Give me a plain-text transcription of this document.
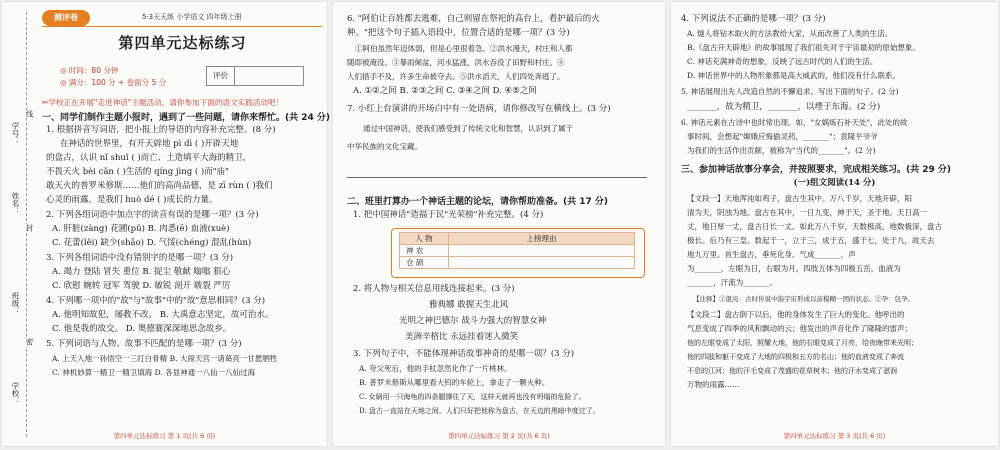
学号：
姓名：
班级：
学校：
线
封
密
测评卷	5·3天天练 小学语文 四年级上册
第四单元达标练习
◎ 时间：80 分钟
◎ 满分：100 分 + 卷面分 5 分
评价
✏学校正在开展"走进神话"主题活动，请你参加下面的语文实践活动吧！
一、同学们制作主题小报时，遇到了一些问题，请你来帮忙。(共 24 分)
1. 根据拼音写词语，把小报上的导语的内容补充完整。(8 分)
在神话的世界里，有开天辟地 pì dì ( )开辟天地
的盘古，认识 nǐ shuǐ ( )而亡、土造填平大海的精卫，
不畏天火 bèi cǎn ( )生活的 qíng jìng ( )而"庙"
敢天火的普罗米修斯……他们的高尚品德，是 zī rùn ( )我们
心灵的雨露，是我们 huò dé ( )成长的力量。
2. 下列各组词语中加点字的读音有误的是哪一项？(3 分)
A. 肝脏(zàng) 花圃(pǔ) B. 肉悉(ē) 血液(xuè)
C. 花蕾(lěi) 缺少(shǎo) D. 气馁(chéng) 混乱(hùn)
3. 下列各组词语中没有错别字的是哪一项？(3 分)
A. 竭力 登陆 冒失 重位 B. 捉尘 敬献 嗡嗡 狠心
C. 欣慰 婉转 冠军 驾驶 D. 敏锐 剖开 皲裂 严厉
4. 下列哪一项中的"故"与"故事"中的"故"意思相同？(3 分)
A. 他明知故犯，屡教不改。 B. 大禹意志坚定，故可治水。
C. 他是我的故交。 D. 奥德赛深深地思念故乡。
5. 下列词语与人物、故事不匹配的是哪一项？(3 分)
A. 上天入地一孙悟空一三打白骨精 B. 大闹天宫一诸葛亮一甘愿牺牲
C. 神机妙算一精卫一精卫填海 D. 各显神通一八仙一八仙过海
第四单元达标练习 第 1 页(共 6 页)
6. "阿伯让百姓都去逃难，自己则留在祭祀的高台上，看护最后的火
种。"把这个句子插入语段中，位置合适的是哪一项？(3 分)
①阿伯虽然年迈体弱，但是心里很着急。②洪水漫天，村庄和人都
随即被淹没。③暴雨倾盆，河水猛涨，洪水吞没了田野和村庄。④
人们措手不及，许多生命被夺去。⑤洪水滔天，人们四处奔逃了。
A. ①②之间 B. ②③之间 C. ③④之间 D. ④⑤之间
7. 小红上台演讲的开场白中有一处语病，请你修改写在横线上。(3 分)
通过中国神话，使我们感受到了传统文化和智慧，认识到了属于
中华民族的文化宝藏。
二、班里打算办一个神话主题的论坛，请你帮助准备。(共 17 分)
1. 把中国神话"造福于民"光荣榜"补充完整。(4 分)
人 物	上榜理由
神 农	
仓 颉	
2. 将人物与相关信息用线连接起来。(3 分)
雅典娜 敢握天生北风
光明之神巴德尔 战斗力强大的智慧女神
美洲辛格比 永远挂着迷人微笑
3. 下列句子中，不能体现神话故事神奇的是哪一项？(3 分)
A. 夸父死后，他的手杖忽然化作了一片桃林。
B. 普罗米修斯从哪里看大钨的车轮上，拿走了一颗火种。
C. 女娲用一只海龟的四条腿撑住了天，这样天就再也没有坍塌的危险了。
D. 盘古一直站在天地之间，人们只好把他称为盘古，在天边的黑暗中度过了。
第四单元达标练习 第 2 页(共 6 页)
4. 下列说法不正确的是哪一项？(3 分)
A. 燧人将钻木取火的方法教给大家，从而改善了人类的生活。
B.《盘古开天辟地》的故事展现了我们祖先对于宇宙最初的原始想象。
C. 神话充满神奇的想象，反映了远古时代的人们的生活。
D. 神话世界中的人物形象都是高大威武的，他们没有什么联系。
5. 神话展现出先人改造自然的不懈追求。写出下面的句子。(2 分)
_______，故为精卫，_______，以堙于东海。(2 分)
6. 神话元素在古诗中也时常出现。如，"女娲炼石补天处"，此处的故
事时间，会想起"嫦娥应悔偷灵药，_______"；袁隆平爷爷
为我们的生活作出贡献，被称为"当代的_______"。(2 分)
三、参加神话故事分享会，并按照要求，完成相关练习。(共 29 分)
(一)组文阅读(14 分)
【文段一】天地浑沌如鸡子，盘古生其中。万八千岁，天地开辟，阳
清为天，阴浊为地。盘古在其中，一日九变，神于天，圣于地。天日高一
丈，地日厚一丈，盘古日长一丈。如此万八千岁，天数极高，地数极深，盘古
极长。后乃有三皇。数起于一，立于三，成于五，盛于七，处于九，故天去
地九万里。首生盘古，垂死化身。气成_______，声
为_______，左眼为日，右眼为月，四肢五体为四极五岳，血液为
_______，汗流为_______。
【注释】①混沌：古时传说中指宇宙形成以前模糊一团的状态。②孕：包孕。
【文段二】盘古倒下以后，他的身体发生了巨大的变化。他呼出的
气息变成了四季的风和飘动的云；他发出的声音化作了隆隆的雷声；
他的左眼变成了太阳，照耀大地，他的右眼变成了月亮，给夜晚带来光明；
他的四肢和躯干变成了大地的四极和五方的名山；他的血液变成了奔流
不息的江河；他的汗毛变成了茂盛的花草树木；他的汗水变成了滋润
万物的雨露……
第四单元达标练习 第 3 页(共 6 页)
